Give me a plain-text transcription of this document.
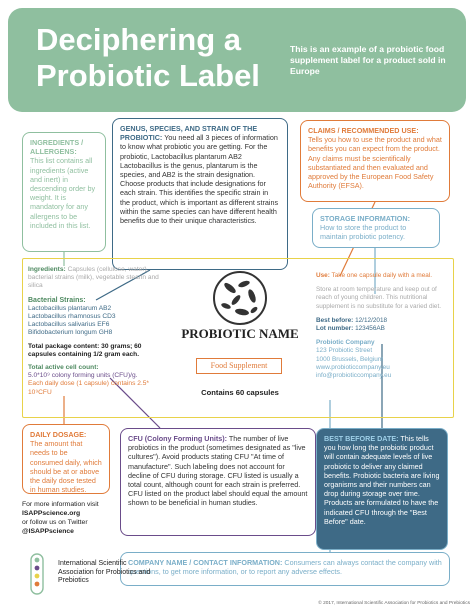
Deciphering a
Probiotic Label
This is an example of a probiotic food supplement label for a product sold in Europe
INGREDIENTS / ALLERGENS:
This list contains all ingredients (active and inert) in descending order by weight. It is mandatory for any allergens to be included in this list.
GENUS, SPECIES, AND STRAIN OF THE PROBIOTIC: You need all 3 pieces of information to know what probiotic you are getting. For the probiotic, Lactobacillus plantarum AB2 Lactobacillus is the genus, plantarum is the species, and AB2 is the strain designation. Choose products that include designations for each strain. This identifies the specific strain in the product, which is important as different strains within the same species can have different health benefits due to their unique characteristics.
CLAIMS / RECOMMENDED USE:
Tells you how to use the product and what benefits you can expect from the product. Any claims must be scientifically substantiated and then evaluated and approved by the European Food Safety Authority (EFSA).
STORAGE INFORMATION:
How to store the product to maintain probiotic potency.
Ingredients: Capsules (cellulose, water), bacterial strains (milk), vegetable stearin and silica
Bacterial Strains:
Lactobacillus plantarum AB2
Lactobacillus rhamnosus CD3
Lactobacillus salivarius EF6
Bifidobacterium longum GH8
Total package content: 30 grams; 60 capsules containing 1/2 gram each.
Total active cell count:
5.0*10⁹ colony forming units (CFU)/g.
Each daily dose (1 capsule) contains 2.5* 10⁹CFU
PROBIOTIC NAME
Food Supplement
Contains 60 capsules
Use: Take one capsule daily with a meal.
Store at room temperature and keep out of reach of young children. This nutritional supplement is no substitute for a varied diet.
Best before: 12/12/2018
Lot number: 123456AB
Probiotic Company
123 Probiotic Street
1000 Brussels, Belgium
www.probioticcompany.eu
info@probioticcompany.eu
DAILY DOSAGE:
The amount that needs to be consumed daily, which should be at or above the daily dose tested in human studies.
CFU (Colony Forming Units): The number of live probiotics in the product (sometimes designated as "live cultures"). Avoid products stating CFU "At time of manufacture". Such labeling does not account for decline of CFU during storage. CFU listed is usually a total count, although count for each strain is preferred. CFU listed on the product label should equal the amount shown to be beneficial in human studies.
BEST BEFORE DATE: This tells you how long the probiotic product will contain adequate levels of live probiotic to deliver any claimed benefits. Probiotic bacteria are living organisms and their numbers can drop during storage over time. Products are formulated to have the indicated CFU through the "Best Before" date.
COMPANY NAME / CONTACT INFORMATION: Consumers can always contact the company with questions, to get more information, or to report any adverse effects.
For more information visit
ISAPPscience.org
or follow us on Twitter
@ISAPPscience
International Scientific Association for Probiotics and Prebiotics
© 2017, International Scientific Association for Probiotics and Prebiotics
